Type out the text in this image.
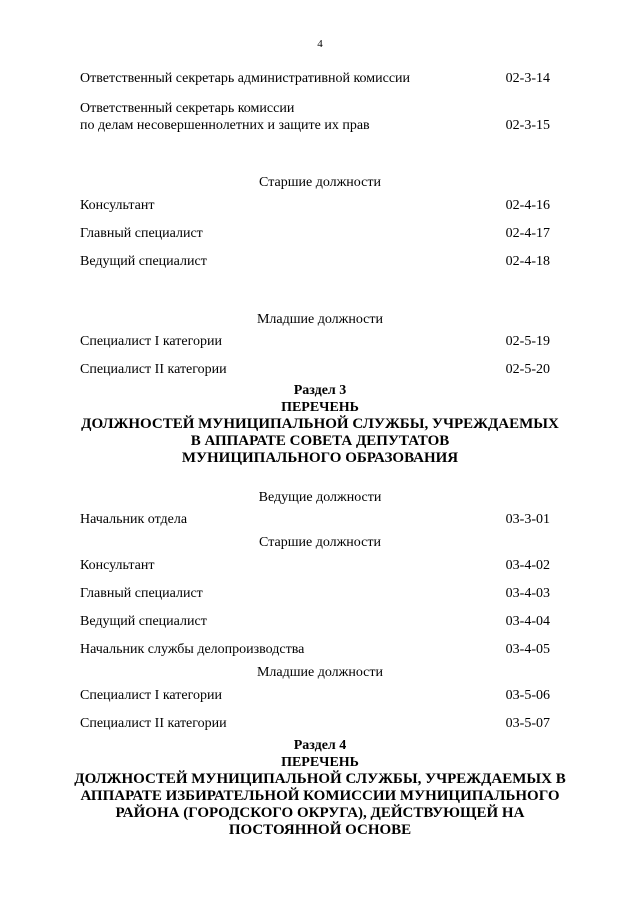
4
Ответственный секретарь административной комиссии	02-3-14
Ответственный секретарь комиссии
по делам несовершеннолетних и защите их прав	02-3-15
Старшие должности
Консультант	02-4-16
Главный специалист	02-4-17
Ведущий специалист	02-4-18
Младшие должности
Специалист I категории	02-5-19
Специалист II категории	02-5-20
Раздел 3
ПЕРЕЧЕНЬ
ДОЛЖНОСТЕЙ МУНИЦИПАЛЬНОЙ СЛУЖБЫ, УЧРЕЖДАЕМЫХ
В АППАРАТЕ СОВЕТА ДЕПУТАТОВ
МУНИЦИПАЛЬНОГО ОБРАЗОВАНИЯ
Ведущие должности
Начальник отдела	03-3-01
Старшие должности
Консультант	03-4-02
Главный специалист	03-4-03
Ведущий специалист	03-4-04
Начальник службы делопроизводства	03-4-05
Младшие должности
Специалист I категории	03-5-06
Специалист II категории	03-5-07
Раздел 4
ПЕРЕЧЕНЬ
ДОЛЖНОСТЕЙ МУНИЦИПАЛЬНОЙ СЛУЖБЫ, УЧРЕЖДАЕМЫХ В
АППАРАТЕ ИЗБИРАТЕЛЬНОЙ КОМИССИИ МУНИЦИПАЛЬНОГО
РАЙОНА (ГОРОДСКОГО ОКРУГА), ДЕЙСТВУЮЩЕЙ НА
ПОСТОЯННОЙ ОСНОВЕ
